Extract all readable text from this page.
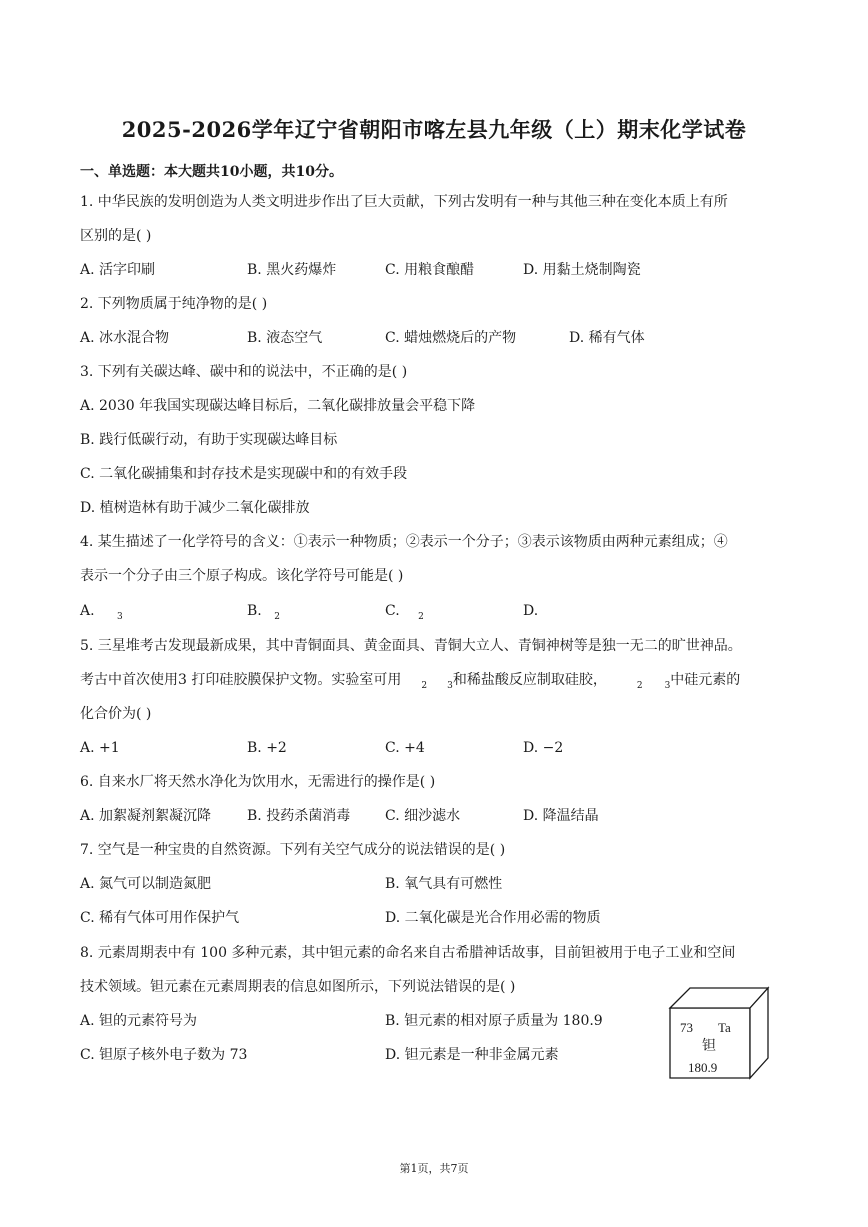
2025-2026学年辽宁省朝阳市喀左县九年级（上）期末化学试卷
一、单选题：本大题共10小题，共10分。
1. 中华民族的发明创造为人类文明进步作出了巨大贡献，下列古发明有一种与其他三种在变化本质上有所
区别的是( )
A. 活字印刷	B. 黑火药爆炸	C. 用粮食酿醋	D. 用黏土烧制陶瓷
2. 下列物质属于纯净物的是( )
A. 冰水混合物	B. 液态空气	C. 蜡烛燃烧后的产物	D. 稀有气体
3. 下列有关碳达峰、碳中和的说法中，不正确的是( )
A. 2030 年我国实现碳达峰目标后，二氧化碳排放量会平稳下降
B. 践行低碳行动，有助于实现碳达峰目标
C. 二氧化碳捕集和封存技术是实现碳中和的有效手段
D. 植树造林有助于减少二氧化碳排放
4. 某生描述了一化学符号的含义：①表示一种物质；②表示一个分子；③表示该物质由两种元素组成；④
表示一个分子由三个原子构成。该化学符号可能是( )
A. $_3$	B. $_2$	C. $_2$	D.
5. 三星堆考古发现最新成果，其中青铜面具、黄金面具、青铜大立人、青铜神树等是独一无二的旷世神品。
考古中首次使用3 打印硅胶膜保护文物。实验室可用 $_2$ $_3$和稀盐酸反应制取硅胶，	$_2$ $_3$中硅元素的
化合价为( )
A. +1	B. +2	C. +4	D. −2
6. 自来水厂将天然水净化为饮用水，无需进行的操作是( )
A. 加絮凝剂絮凝沉降	B. 投药杀菌消毒 C. 细沙滤水	D. 降温结晶
7. 空气是一种宝贵的自然资源。下列有关空气成分的说法错误的是( )
A. 氮气可以制造氮肥	B. 氧气具有可燃性
C. 稀有气体可用作保护气	D. 二氧化碳是光合作用必需的物质
8. 元素周期表中有 100 多种元素，其中钽元素的命名来自古希腊神话故事，目前钽被用于电子工业和空间
技术领域。钽元素在元素周期表的信息如图所示，下列说法错误的是( )
A. 钽的元素符号为	B. 钽元素的相对原子质量为 180.9
C. 钽原子核外电子数为 73	D. 钽元素是一种非金属元素
73 Ta
钽
180.9
第1页，共7页
